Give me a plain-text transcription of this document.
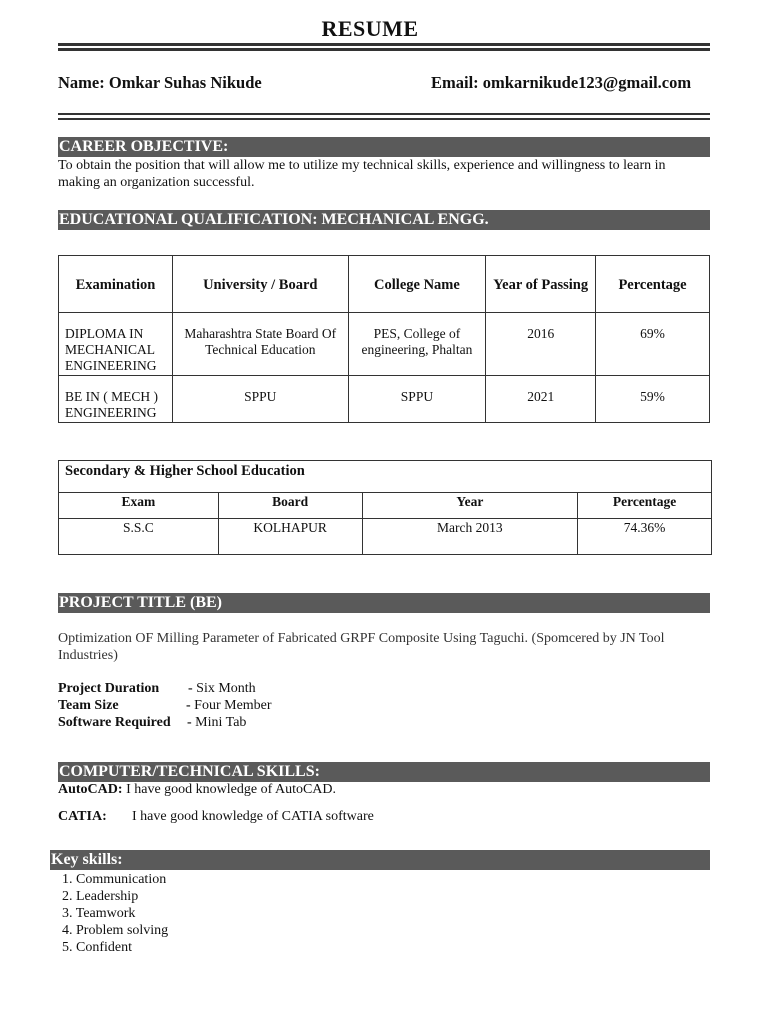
RESUME
Name: Omkar Suhas Nikude	Email: omkarnikude123@gmail.com
CAREER OBJECTIVE:
To obtain the position that will allow me to utilize my technical skills, experience and willingness to learn in making an organization successful.
EDUCATIONAL QUALIFICATION: MECHANICAL ENGG.
Examination	University / Board	College Name	Year of Passing	Percentage
DIPLOMA IN MECHANICAL ENGINEERING	Maharashtra State Board Of Technical Education	PES, College of engineering, Phaltan	2016	69%
BE IN ( MECH ) ENGINEERING	SPPU	SPPU	2021	59%
Secondary & Higher School Education			
Exam	Board	Year	Percentage
S.S.C	KOLHAPUR	March 2013	74.36%
PROJECT TITLE (BE)
Optimization OF Milling Parameter of Fabricated GRPF Composite Using Taguchi. (Spomcered by JN Tool Industries)
Project Duration - Six Month
Team Size	- Four Member
Software Required - Mini Tab
COMPUTER/TECHNICAL SKILLS:
AutoCAD: I have good knowledge of AutoCAD.
CATIA: I have good knowledge of CATIA software
Key skills:
1. Communication
2. Leadership
3. Teamwork
4. Problem solving
5. Confident
